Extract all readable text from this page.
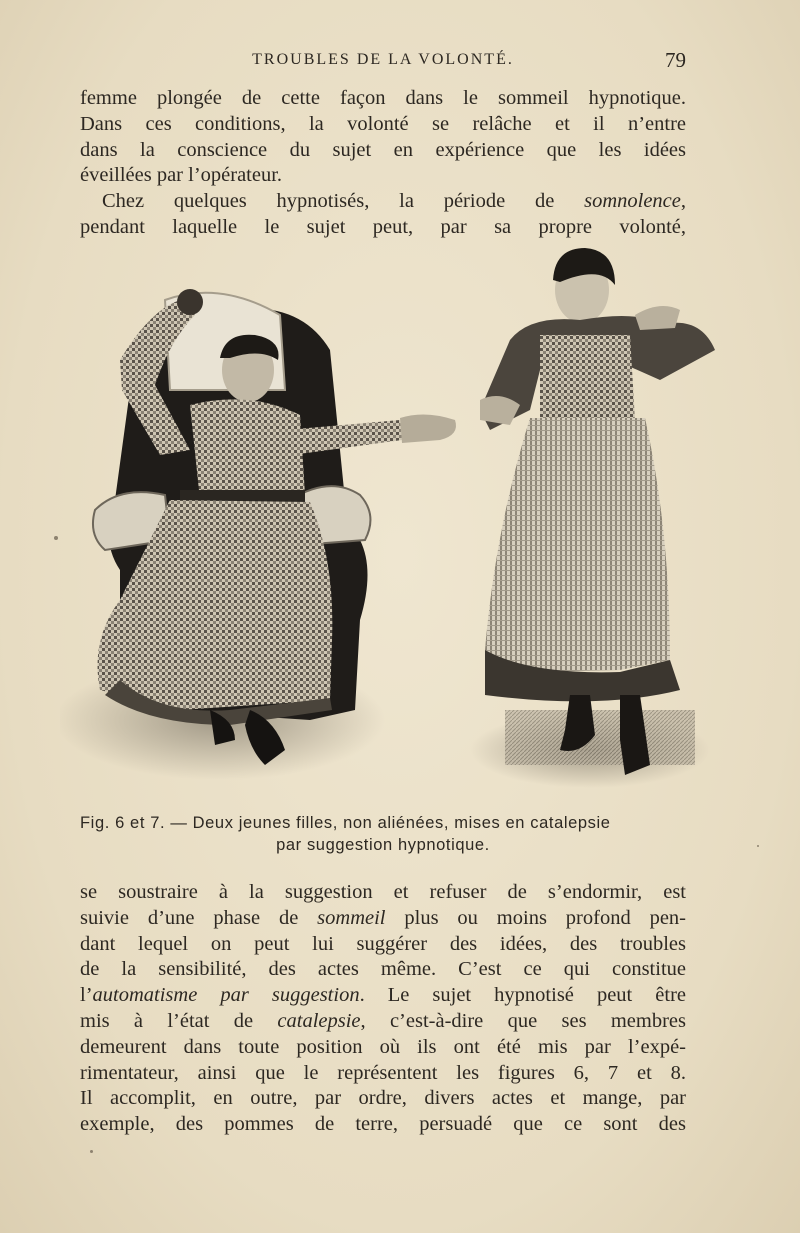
TROUBLES DE LA VOLONTÉ.	79
femme plongée de cette façon dans le sommeil hypnotique.
Dans ces conditions, la volonté se relâche et il n’entre
dans la conscience du sujet en expérience que les idées
éveillées par l’opérateur.
Chez quelques hypnotisés, la période de somnolence,
pendant laquelle le sujet peut, par sa propre volonté,
Fig. 6 et 7. — Deux jeunes filles, non aliénées, mises en catalepsie
par suggestion hypnotique.
se soustraire à la suggestion et refuser de s’endormir, est
suivie d’une phase de sommeil plus ou moins profond pen-
dant lequel on peut lui suggérer des idées, des troubles
de la sensibilité, des actes même. C’est ce qui constitue
l’automatisme par suggestion. Le sujet hypnotisé peut être
mis à l’état de catalepsie, c’est-à-dire que ses membres
demeurent dans toute position où ils ont été mis par l’expé-
rimentateur, ainsi que le représentent les figures 6, 7 et 8.
Il accomplit, en outre, par ordre, divers actes et mange, par
exemple, des pommes de terre, persuadé que ce sont des
